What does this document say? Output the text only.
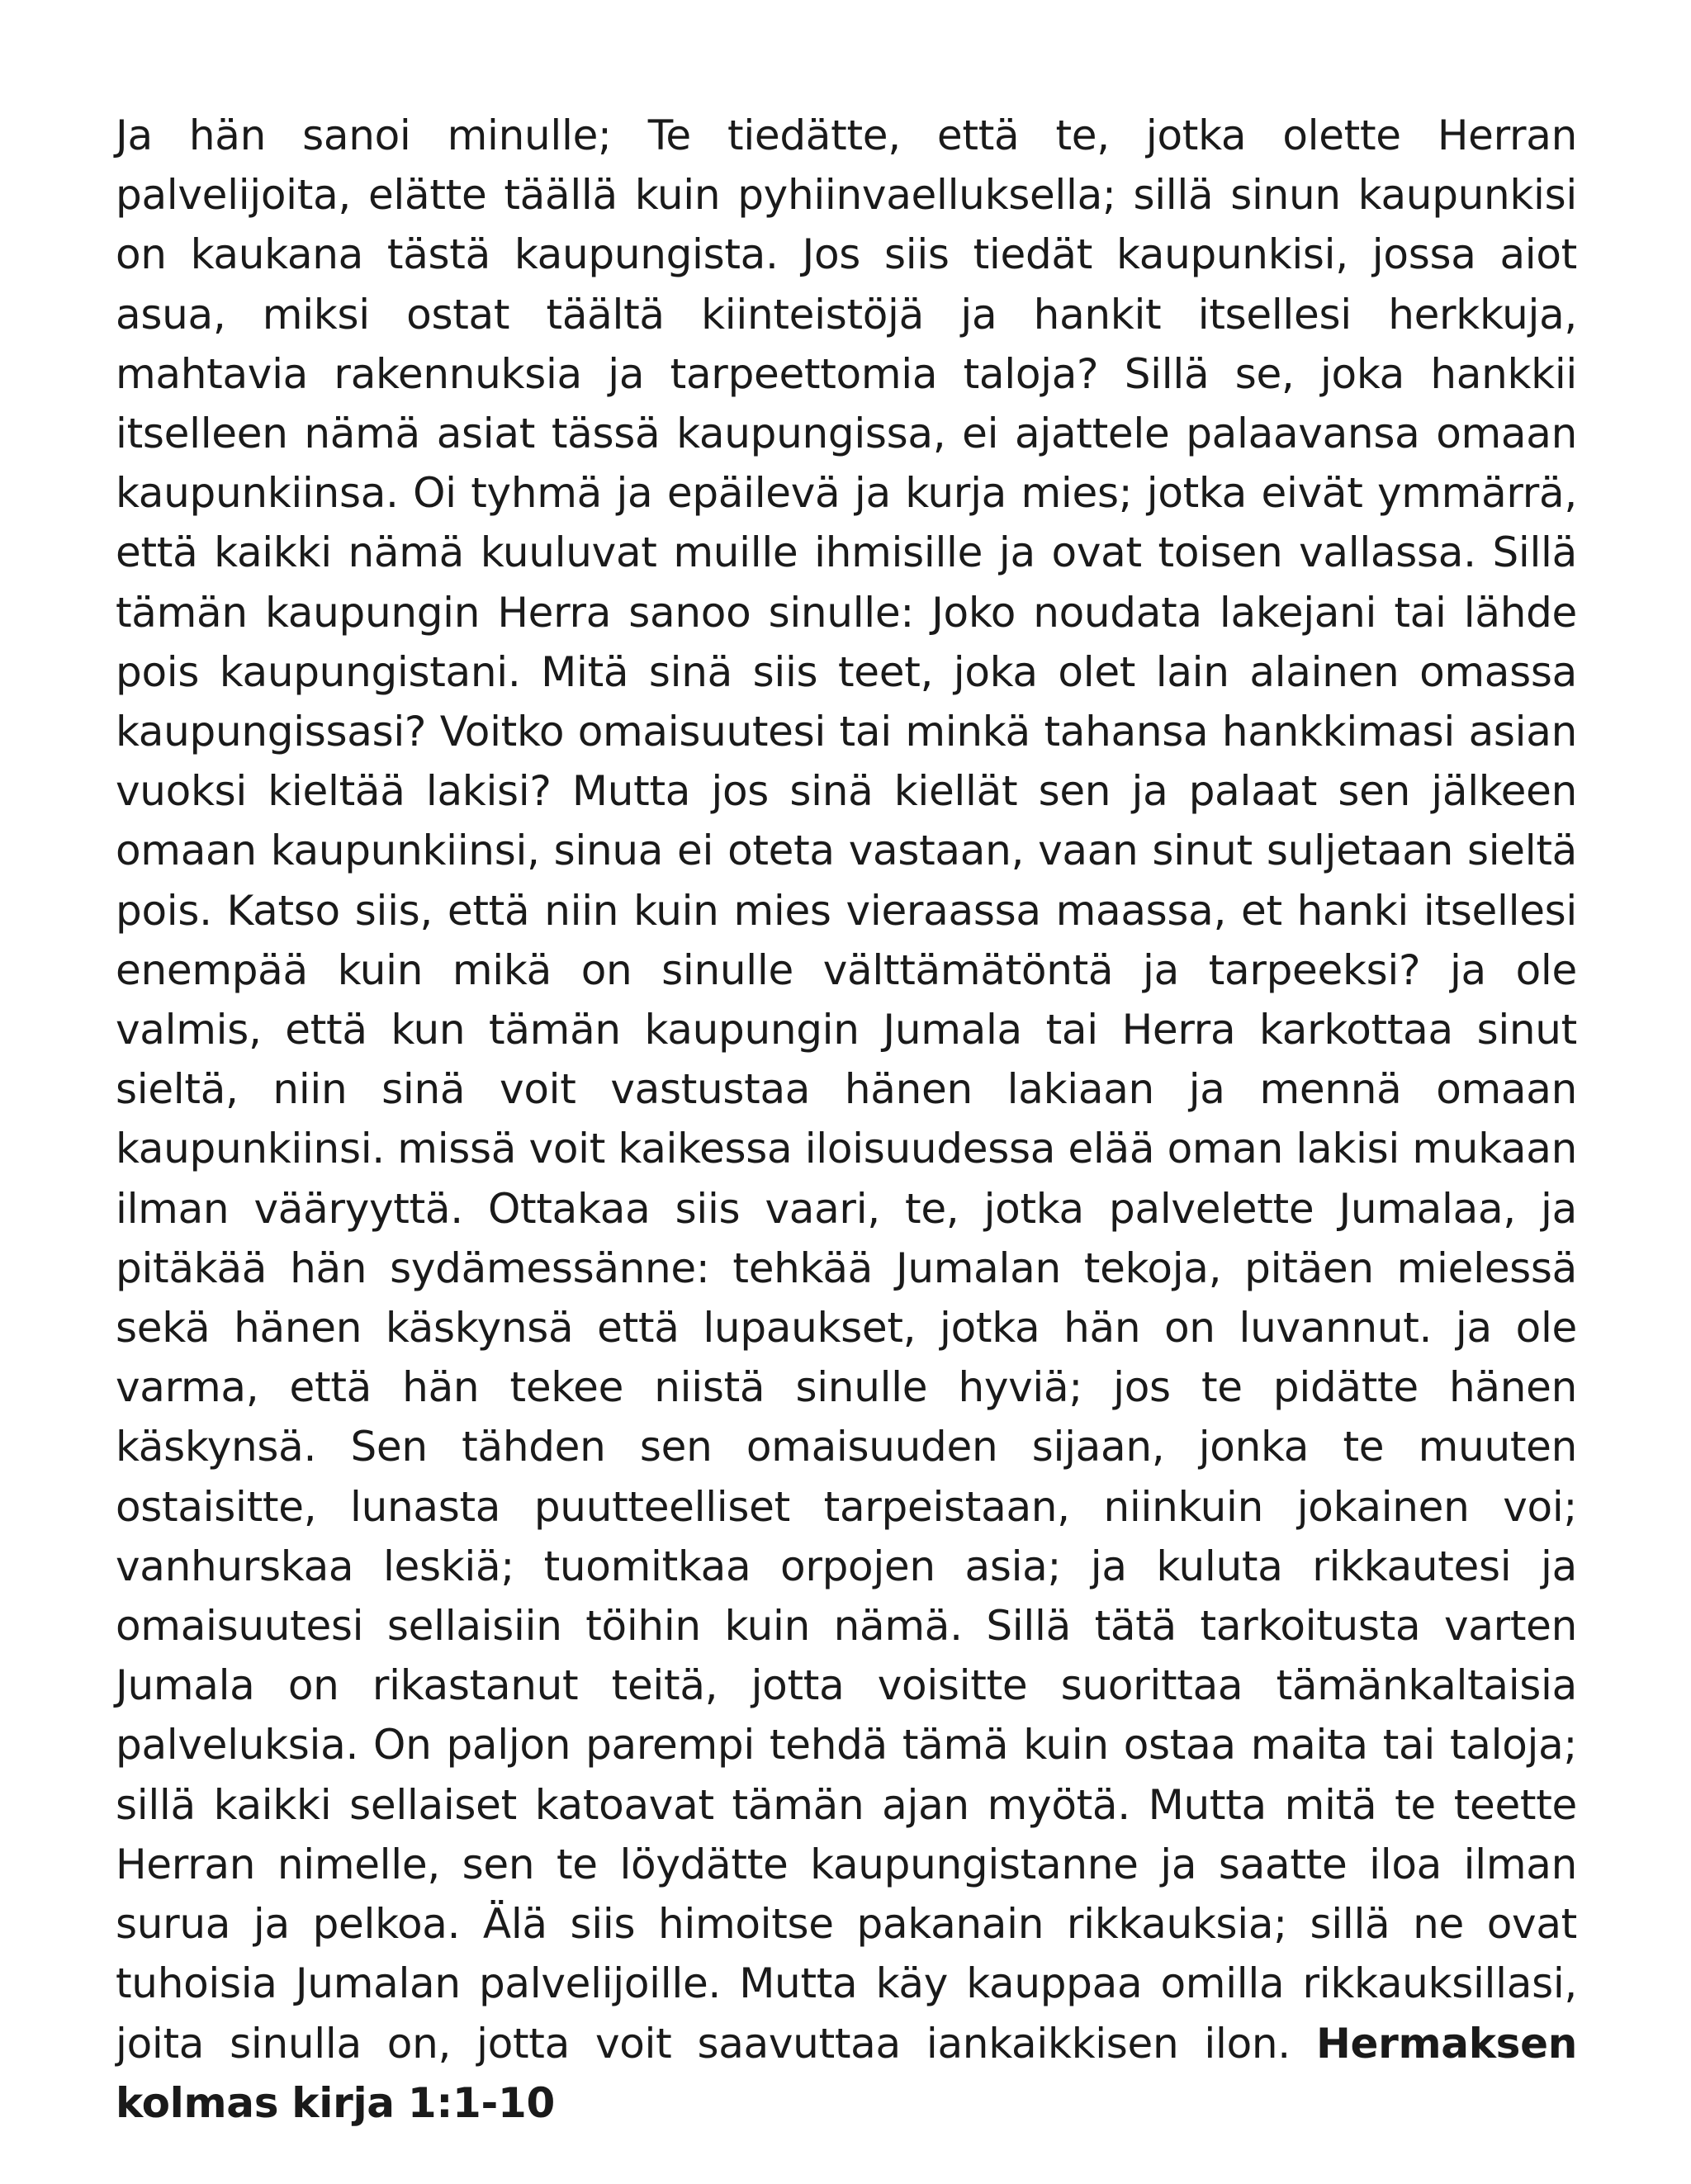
Ja hän sanoi minulle; Te tiedätte, että te, jotka olette Herran palvelijoita, elätte täällä kuin pyhiinvaelluksella; sillä sinun kaupunkisi on kaukana tästä kaupungista. Jos siis tiedät kaupunkisi, jossa aiot asua, miksi ostat täältä kiinteistöjä ja hankit itsellesi herkkuja, mahtavia rakennuksia ja tarpeettomia taloja? Sillä se, joka hankkii itselleen nämä asiat tässä kaupungissa, ei ajattele palaavansa omaan kaupunkiinsa. Oi tyhmä ja epäilevä ja kurja mies; jotka eivät ymmärrä, että kaikki nämä kuuluvat muille ihmisille ja ovat toisen vallassa. Sillä tämän kaupungin Herra sanoo sinulle: Joko noudata lakejani tai lähde pois kaupungistani. Mitä sinä siis teet, joka olet lain alainen omassa kaupungissasi? Voitko omaisuutesi tai minkä tahansa hankkimasi asian vuoksi kieltää lakisi? Mutta jos sinä kiellät sen ja palaat sen jälkeen omaan kaupunkiinsi, sinua ei oteta vastaan, vaan sinut suljetaan sieltä pois. Katso siis, että niin kuin mies vieraassa maassa, et hanki itsellesi enempää kuin mikä on sinulle välttämätöntä ja tarpeeksi? ja ole valmis, että kun tämän kaupungin Jumala tai Herra karkottaa sinut sieltä, niin sinä voit vastustaa hänen lakiaan ja mennä omaan kaupunkiinsi. missä voit kaikessa iloisuudessa elää oman lakisi mukaan ilman vääryyttä. Ottakaa siis vaari, te, jotka palvelette Jumalaa, ja pitäkää hän sydämessänne: tehkää Jumalan tekoja, pitäen mielessä sekä hänen käskynsä että lupaukset, jotka hän on luvannut. ja ole varma, että hän tekee niistä sinulle hyviä; jos te pidätte hänen käskynsä. Sen tähden sen omaisuuden sijaan, jonka te muuten ostaisitte, lunasta puutteelliset tarpeistaan, niinkuin jokainen voi; vanhurskaa leskiä; tuomitkaa orpojen asia; ja kuluta rikkautesi ja omaisuutesi sellaisiin töihin kuin nämä. Sillä tätä tarkoitusta varten Jumala on rikastanut teitä, jotta voisitte suorittaa tämänkaltaisia palveluksia. On paljon parempi tehdä tämä kuin ostaa maita tai taloja; sillä kaikki sellaiset katoavat tämän ajan myötä. Mutta mitä te teette Herran nimelle, sen te löydätte kaupungistanne ja saatte iloa ilman surua ja pelkoa. Älä siis himoitse pakanain rikkauksia; sillä ne ovat tuhoisia Jumalan palvelijoille. Mutta käy kauppaa omilla rikkauksillasi, joita sinulla on, jotta voit saavuttaa iankaikkisen ilon. Hermaksen kolmas kirja 1:1-10
